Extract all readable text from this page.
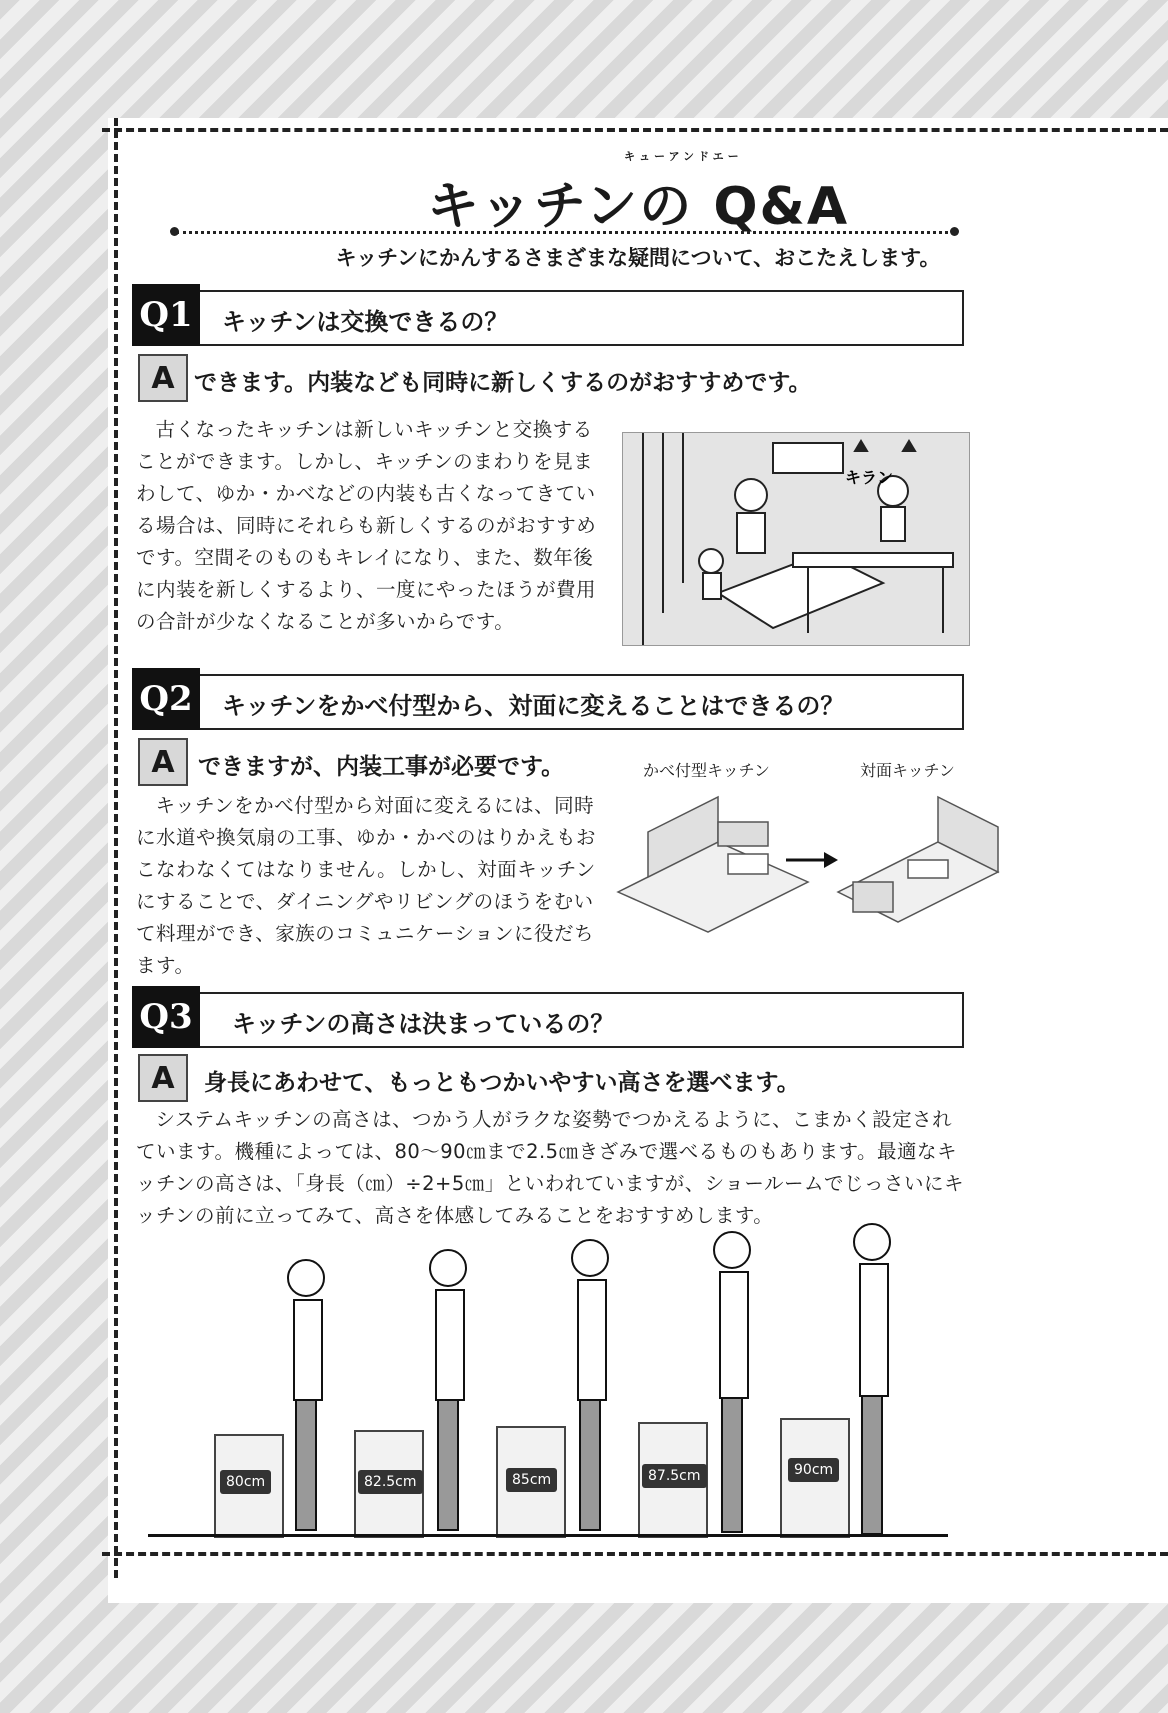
キッチンの Q&A
キューアンドエー
キッチンにかんするさまざまな疑問について、おこたえします。
Q1	キッチンは交換できるの？
A できます。内装なども同時に新しくするのがおすすめです。
古くなったキッチンは新しいキッチンと交換することができます。しかし、キッチンのまわりを見まわして、ゆか・かべなどの内装も古くなってきている場合は、同時にそれらも新しくするのがおすすめです。空間そのものもキレイになり、また、数年後に内装を新しくするより、一度にやったほうが費用の合計が少なくなることが多いからです。
キラン
Q2	キッチンをかべ付型から、対面に変えることはできるの？
A	できますが、内装工事が必要です。
キッチンをかべ付型から対面に変えるには、同時に水道や換気扇の工事、ゆか・かべのはりかえもおこなわなくてはなりません。しかし、対面キッチンにすることで、ダイニングやリビングのほうをむいて料理ができ、家族のコミュニケーションに役だちます。
かべ付型キッチン	対面キッチン
Q3	キッチンの高さは決まっているの？
A	身長にあわせて、もっともつかいやすい高さを選べます。
システムキッチンの高さは、つかう人がラクな姿勢でつかえるように、こまかく設定されています。機種によっては、80〜90㎝まで2.5㎝きざみで選べるものもあります。最適なキッチンの高さは、「身長（㎝）÷2+5㎝」といわれていますが、ショールームでじっさいにキッチンの前に立ってみて、高さを体感してみることをおすすめします。
80cm	82.5cm	85cm	87.5cm	90cm
